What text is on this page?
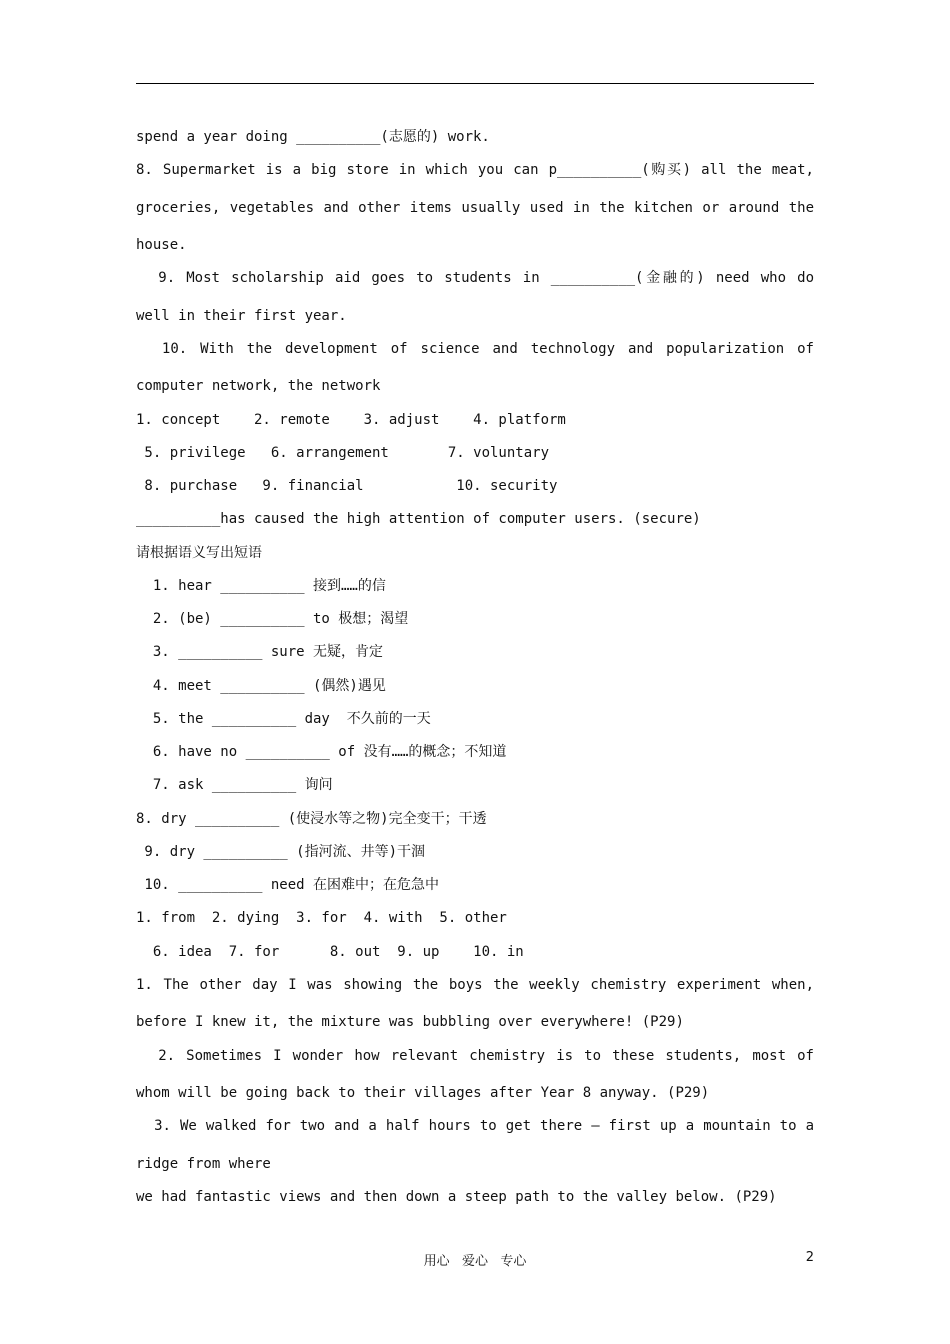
spend a year doing __________(志愿的) work.
8. Supermarket is a big store in which you can p__________(购买) all the meat,
groceries, vegetables and other items usually used in the kitchen or around the
house.
9. Most scholarship aid goes to students in __________(金融的) need who do
well in their first year.
10. With the development of science and technology and popularization of
computer network, the network
1. concept    2. remote    3. adjust    4. platform
5. privilege   6. arrangement       7. voluntary
8. purchase   9. financial           10. security
__________has caused the high attention of computer users. (secure)
请根据语义写出短语
1. hear __________ 接到……的信
2. (be) __________ to 极想；渴望
3. __________ sure 无疑，肯定
4. meet __________ (偶然)遇见
5. the __________ day  不久前的一天
6. have no __________ of 没有……的概念；不知道
7. ask __________ 询问
8. dry __________ (使浸水等之物)完全变干；干透
9. dry __________ (指河流、井等)干涸
10. __________ need 在困难中；在危急中
1. from  2. dying  3. for  4. with  5. other
6. idea  7. for      8. out  9. up    10. in
1. The other day I was showing the boys the weekly chemistry experiment when,
before I knew it, the mixture was bubbling over everywhere! (P29)
2. Sometimes I wonder how relevant chemistry is to these students, most of
whom will be going back to their villages after Year 8 anyway. (P29)
3. We walked for two and a half hours to get there — first up a mountain to a
ridge from where
we had fantastic views and then down a steep path to the valley below. (P29)
用心   爱心   专心	2
